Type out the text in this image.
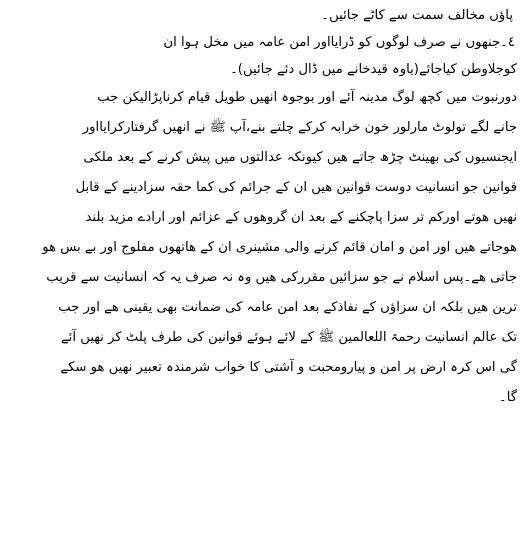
پاؤں مخالف سمت سے کاٹے جائیں۔
٤۔جنھوں نے صرف لوگوں کو ڈرایااور امن عامہ میں مخل ہوا ان
کوجلاوطن کیاجائے(یاوہ قیدخانے میں ڈال دئے جائیں)۔
دورنبوت میں کچھ لوگ مدینہ آئے اور بوجوہ انھیں طویل قیام کرناپڑالیکن جب
جانے لگے تولوٹ مارلور خون خرابہ کرکے چلتے بنے،آپ ﷺ نے انھیں گرفتارکرایااور
ایجنسیوں کی بھینٹ چڑھ جاتے ھیں کیونکہ عدالتوں میں پیش کرنے کے بعد ملکی
قوانین جو انسانیت دوست قوانین ھیں ان کے جرائم کی کما حقہ سزادینے کے قابل
نھیں ھوتے اورکم تر سزا پاچکنے کے بعد ان گروھوں کے عزائم اور ارادے مزید بلند
ھوجاتے ھیں اور امن و امان قائم کرنے والی مشینری ان کے ھاتھوں مفلوج اور بے بس ھو
جاتی ھے۔پس اسلام نے جو سزائیں مقررکی ھیں وہ نہ صرف یہ کہ انسانیت سے قریب
ترین ھیں بلکہ ان سزاؤں کے نفاذکے بعد امن عامہ کی ضمانت بھی یقینی ھے اور جب
تک عالم انسانیت رحمۃ اللعالمین ﷺ کے لائے ہوئے قوانین کی طرف پلٹ کر نھیں آئے
گی اس کرہ ارض پر امن و پیارومحبت و آشتی کا خواب شرمندہ تعبیر نھیں ھو سکے
گا۔
